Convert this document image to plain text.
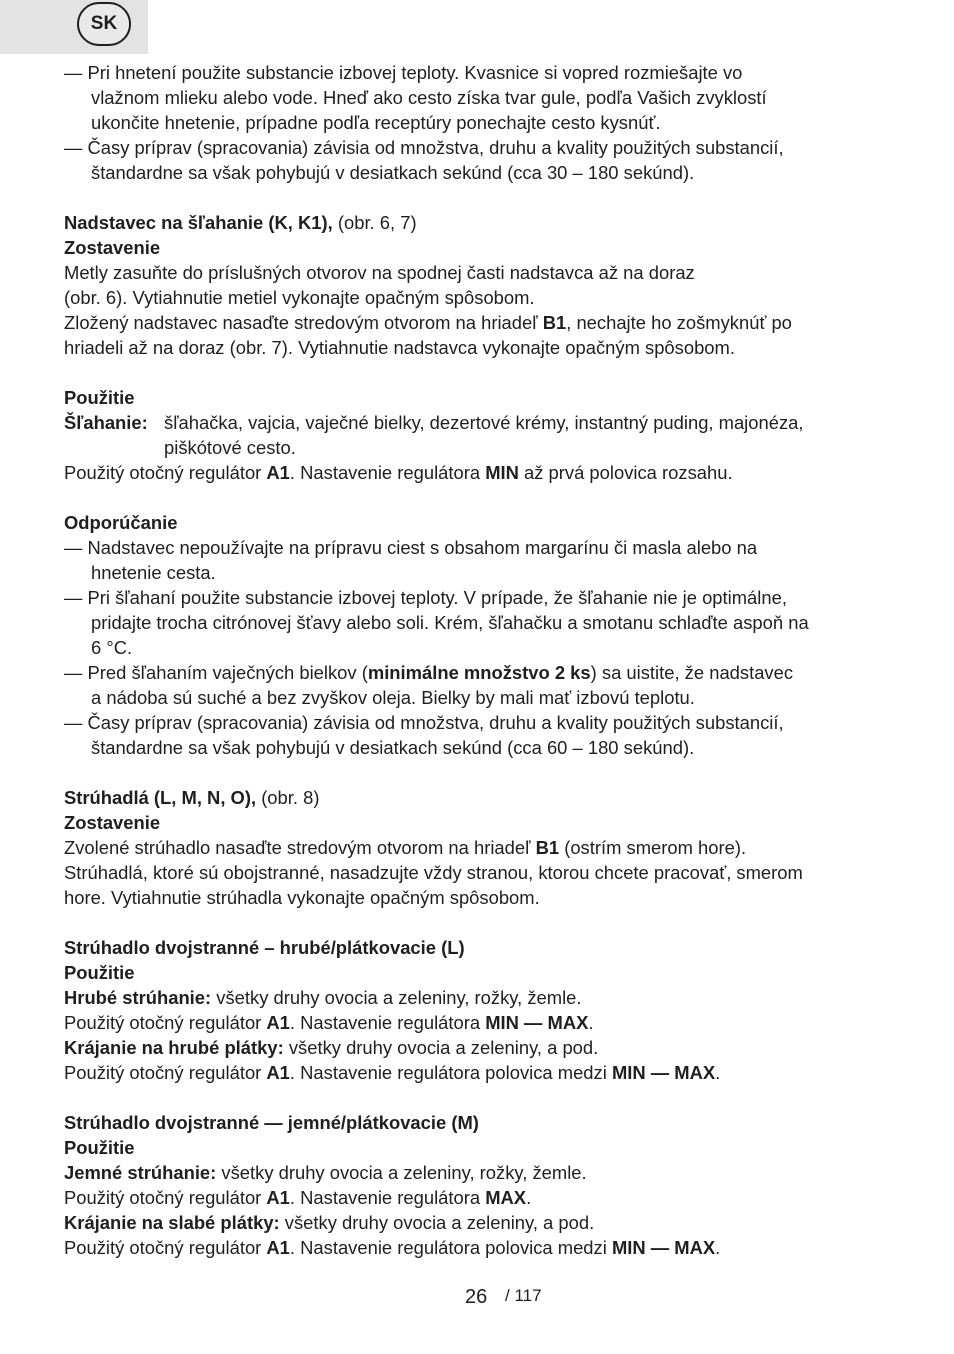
SK
— Pri hnetení použite substancie izbovej teploty. Kvasnice si vopred rozmiešajte vo
vlažnom mlieku alebo vode. Hneď ako cesto získa tvar gule, podľa Vašich zvyklostí
ukončite hnetenie, prípadne podľa receptúry ponechajte cesto kysnúť.
— Časy príprav (spracovania) závisia od množstva, druhu a kvality použitých substancií,
štandardne sa však pohybujú v desiatkach sekúnd (cca 30 – 180 sekúnd).
Nadstavec na šľahanie (K, K1), (obr. 6, 7)
Zostavenie
Metly zasuňte do príslušných otvorov na spodnej časti nadstavca až na doraz
(obr. 6). Vytiahnutie metiel vykonajte opačným spôsobom.
Zložený nadstavec nasaďte stredovým otvorom na hriadeľ B1, nechajte ho zošmyknúť po
hriadeli až na doraz (obr. 7). Vytiahnutie nadstavca vykonajte opačným spôsobom.
Použitie
Šľahanie: šľahačka, vajcia, vaječné bielky, dezertové krémy, instantný puding, majonéza,
piškótové cesto.
Použitý otočný regulátor A1. Nastavenie regulátora MIN až prvá polovica rozsahu.
Odporúčanie
— Nadstavec nepoužívajte na prípravu ciest s obsahom margarínu či masla alebo na
hnetenie cesta.
— Pri šľahaní použite substancie izbovej teploty. V prípade, že šľahanie nie je optimálne,
pridajte trocha citrónovej šťavy alebo soli. Krém, šľahačku a smotanu schlaďte aspoň na
6 °C.
— Pred šľahaním vaječných bielkov (minimálne množstvo 2 ks) sa uistite, že nadstavec
a nádoba sú suché a bez zvyškov oleja. Bielky by mali mať izbovú teplotu.
— Časy príprav (spracovania) závisia od množstva, druhu a kvality použitých substancií,
štandardne sa však pohybujú v desiatkach sekúnd (cca 60 – 180 sekúnd).
Strúhadlá (L, M, N, O), (obr. 8)
Zostavenie
Zvolené strúhadlo nasaďte stredovým otvorom na hriadeľ B1 (ostrím smerom hore).
Strúhadlá, ktoré sú obojstranné, nasadzujte vždy stranou, ktorou chcete pracovať, smerom
hore. Vytiahnutie strúhadla vykonajte opačným spôsobom.
Strúhadlo dvojstranné – hrubé/plátkovacie (L)
Použitie
Hrubé strúhanie: všetky druhy ovocia a zeleniny, rožky, žemle.
Použitý otočný regulátor A1. Nastavenie regulátora MIN — MAX.
Krájanie na hrubé plátky: všetky druhy ovocia a zeleniny, a pod.
Použitý otočný regulátor A1. Nastavenie regulátora polovica medzi MIN — MAX.
Strúhadlo dvojstranné — jemné/plátkovacie (M)
Použitie
Jemné strúhanie: všetky druhy ovocia a zeleniny, rožky, žemle.
Použitý otočný regulátor A1. Nastavenie regulátora MAX.
Krájanie na slabé plátky: všetky druhy ovocia a zeleniny, a pod.
Použitý otočný regulátor A1. Nastavenie regulátora polovica medzi MIN — MAX.
26 / 117
